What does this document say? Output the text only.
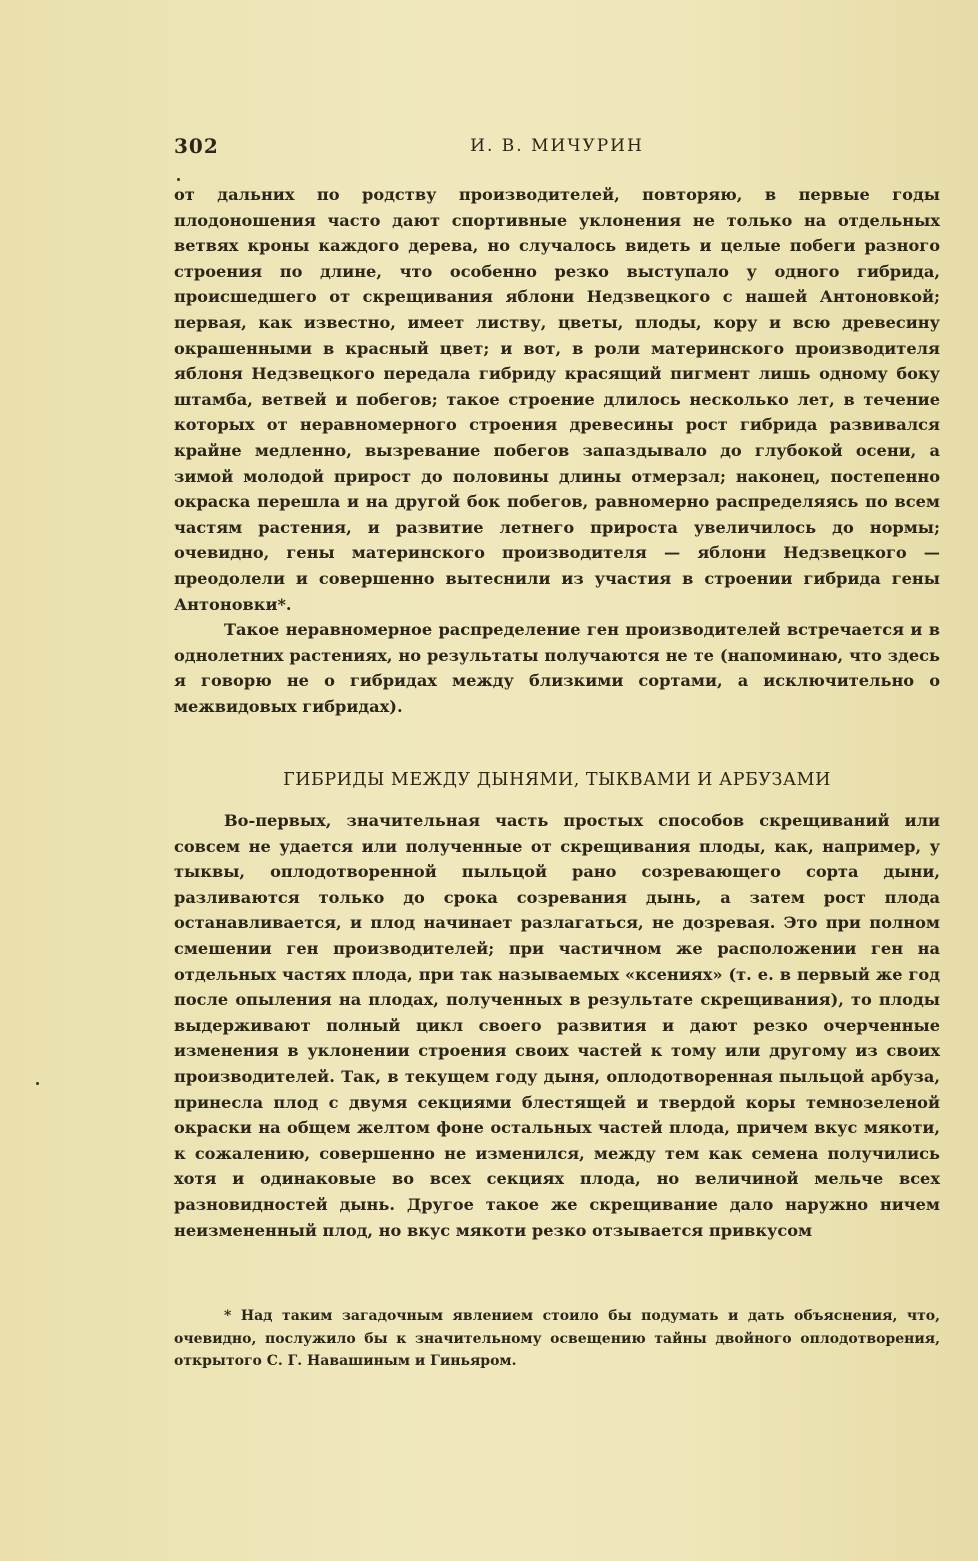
302	И. В. МИЧУРИН

от дальних по родству производителей, повторяю, в первые годы плодоношения часто дают спортивные уклонения не только на отдельных ветвях кроны каждого дерева, но случалось видеть и целые побеги разного строения по длине, что особенно резко выступало у одного гибрида, происшедшего от скрещивания яблони Недзвецкого с нашей Антоновкой; первая, как известно, имеет листву, цветы, плоды, кору и всю древесину окрашенными в красный цвет; и вот, в роли материнского производителя яблоня Недзвецкого передала гибриду красящий пигмент лишь одному боку штамба, ветвей и побегов; такое строение длилось несколько лет, в течение которых от неравномерного строения древесины рост гибрида развивался крайне медленно, вызревание побегов запаздывало до глубокой осени, а зимой молодой прирост до половины длины отмерзал; наконец, постепенно окраска перешла и на другой бок побегов, равномерно распределяясь по всем частям растения, и развитие летнего прироста увеличилось до нормы; очевидно, гены материнского производителя — яблони Недзвецкого — преодолели и совершенно вытеснили из участия в строении гибрида гены Антоновки*.

Такое неравномерное распределение ген производителей встречается и в однолетних растениях, но результаты получаются не те (напоминаю, что здесь я говорю не о гибридах между близкими сортами, а исключительно о межвидовых гибридах).

ГИБРИДЫ МЕЖДУ ДЫНЯМИ, ТЫКВАМИ И АРБУЗАМИ

Во-первых, значительная часть простых способов скрещиваний или совсем не удается или полученные от скрещивания плоды, как, например, у тыквы, оплодотворенной пыльцой рано созревающего сорта дыни, разливаются только до срока созревания дынь, а затем рост плода останавливается, и плод начинает разлагаться, не дозревая. Это при полном смешении ген производителей; при частичном же расположении ген на отдельных частях плода, при так называемых «ксениях» (т. е. в первый же год после опыления на плодах, полученных в результате скрещивания), то плоды выдерживают полный цикл своего развития и дают резко очерченные изменения в уклонении строения своих частей к тому или другому из своих производителей. Так, в текущем году дыня, оплодотворенная пыльцой арбуза, принесла плод с двумя секциями блестящей и твердой коры темнозеленой окраски на общем желтом фоне остальных частей плода, причем вкус мякоти, к сожалению, совершенно не изменился, между тем как семена получились хотя и одинаковые во всех секциях плода, но величиной мельче всех разновидностей дынь. Другое такое же скрещивание дало наружно ничем неизмененный плод, но вкус мякоти резко отзывается привкусом

* Над таким загадочным явлением стоило бы подумать и дать объяснения, что, очевидно, послужило бы к значительному освещению тайны двойного оплодотворения, открытого С. Г. Навашиным и Гиньяром.
